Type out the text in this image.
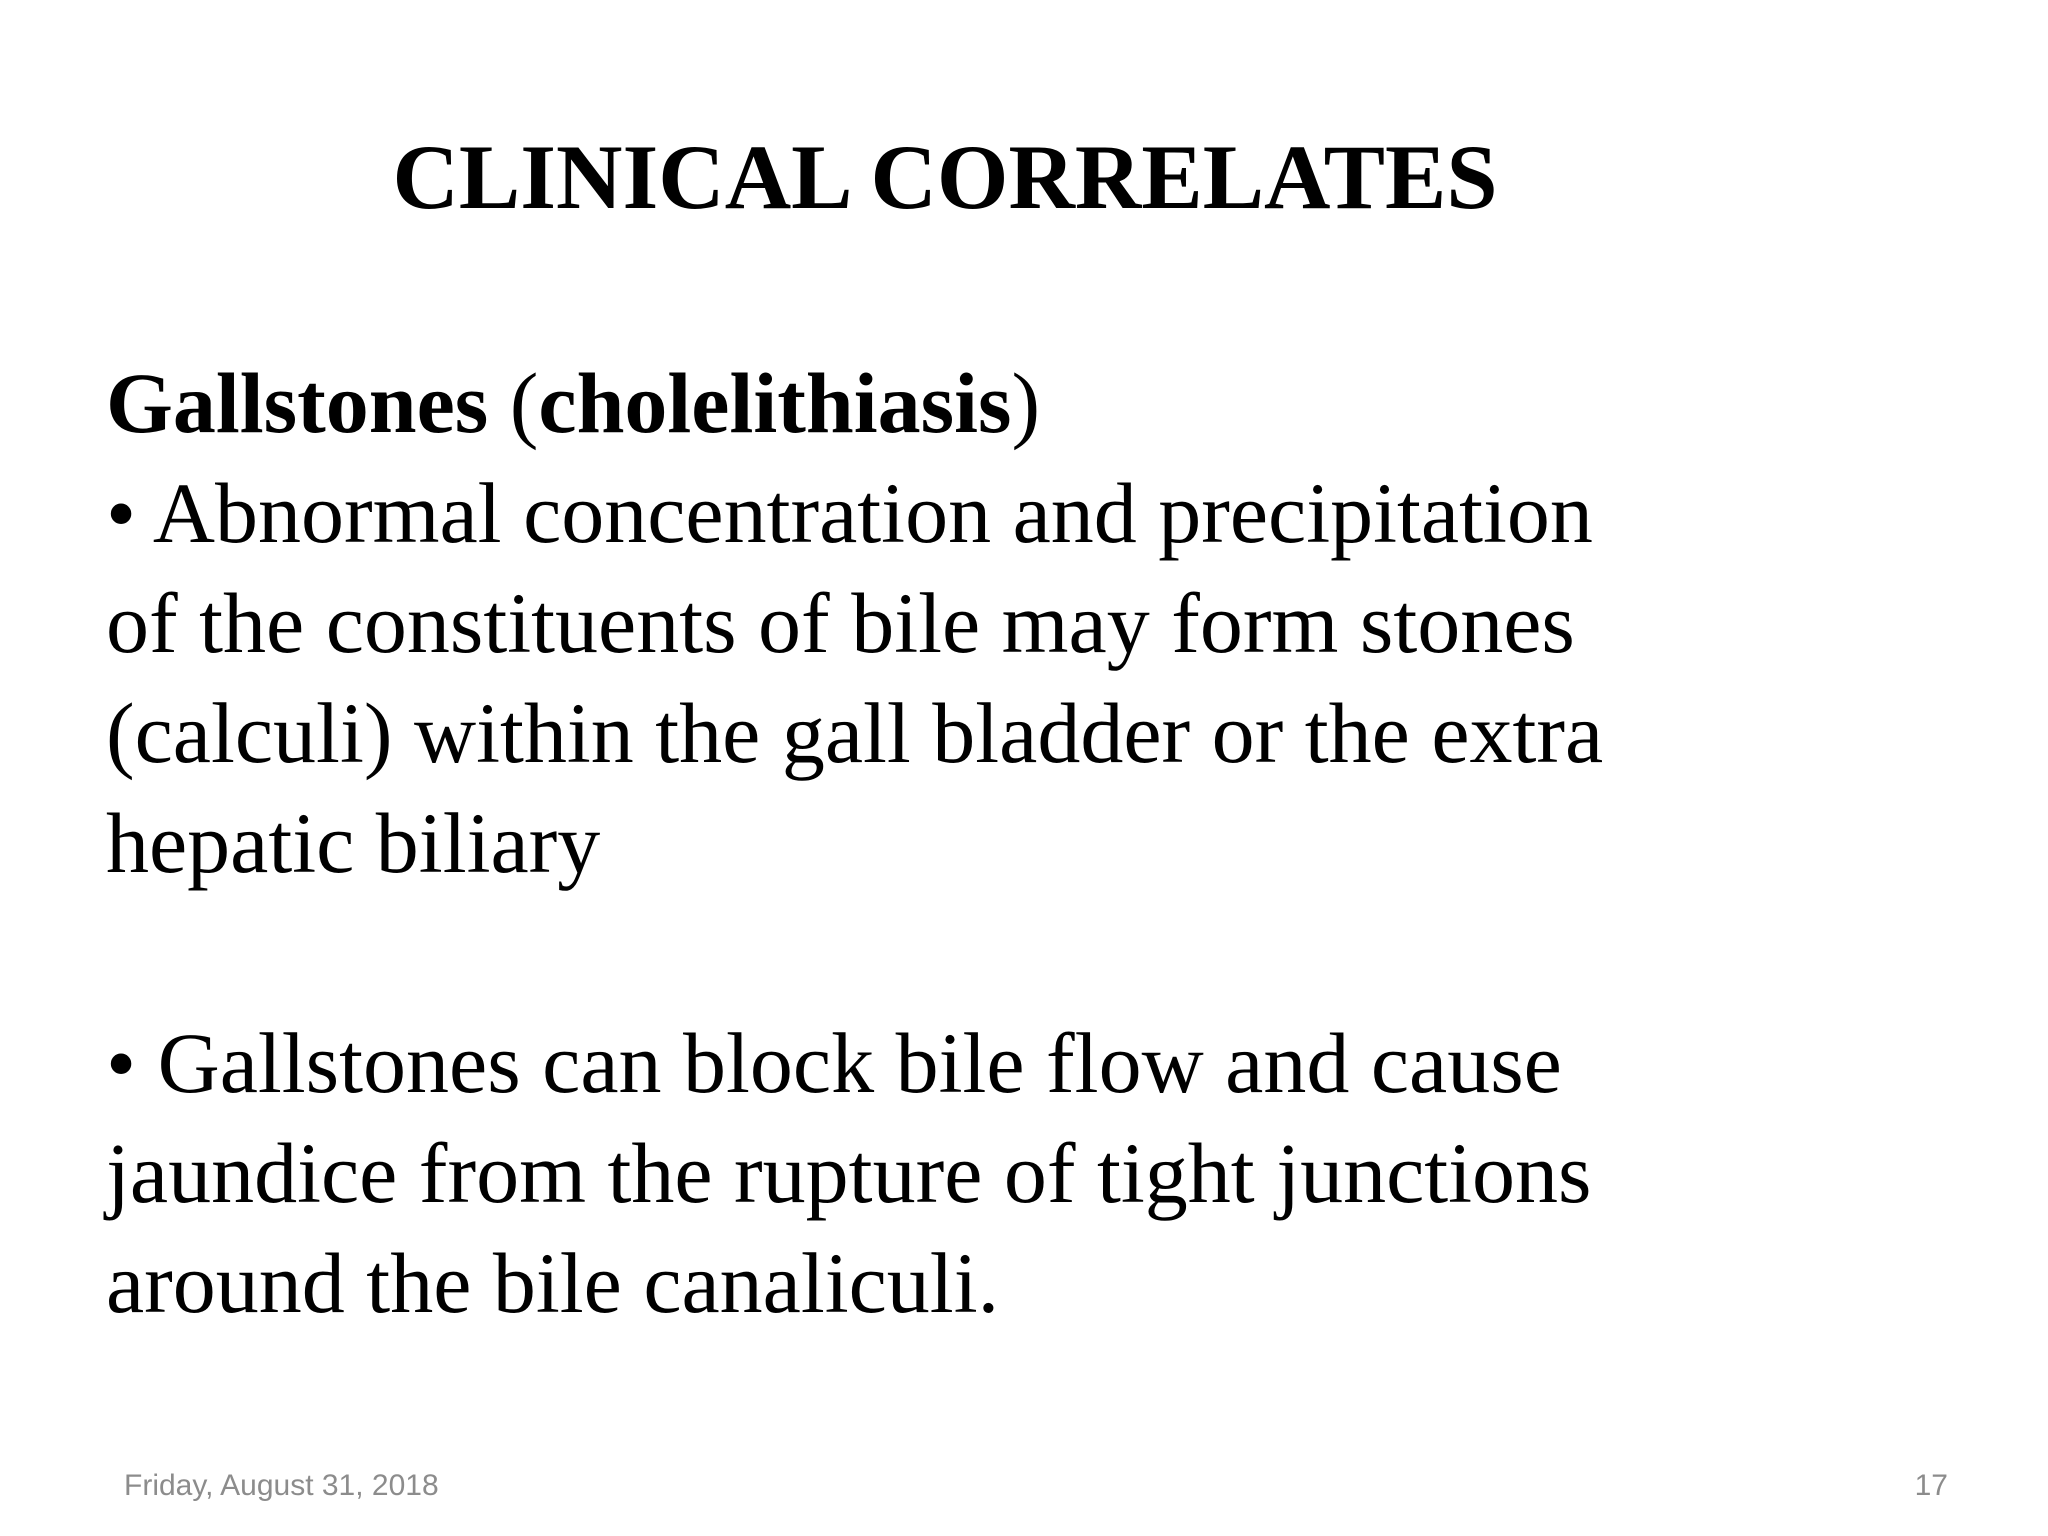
CLINICAL CORRELATES

Gallstones (cholelithiasis)

• Abnormal concentration and precipitation
of the constituents of bile may form stones
(calculi) within the gall bladder or the extra
hepatic biliary

• Gallstones can block bile flow and cause
jaundice from the rupture of tight junctions
around the bile canaliculi.

Friday, August 31, 2018	17
